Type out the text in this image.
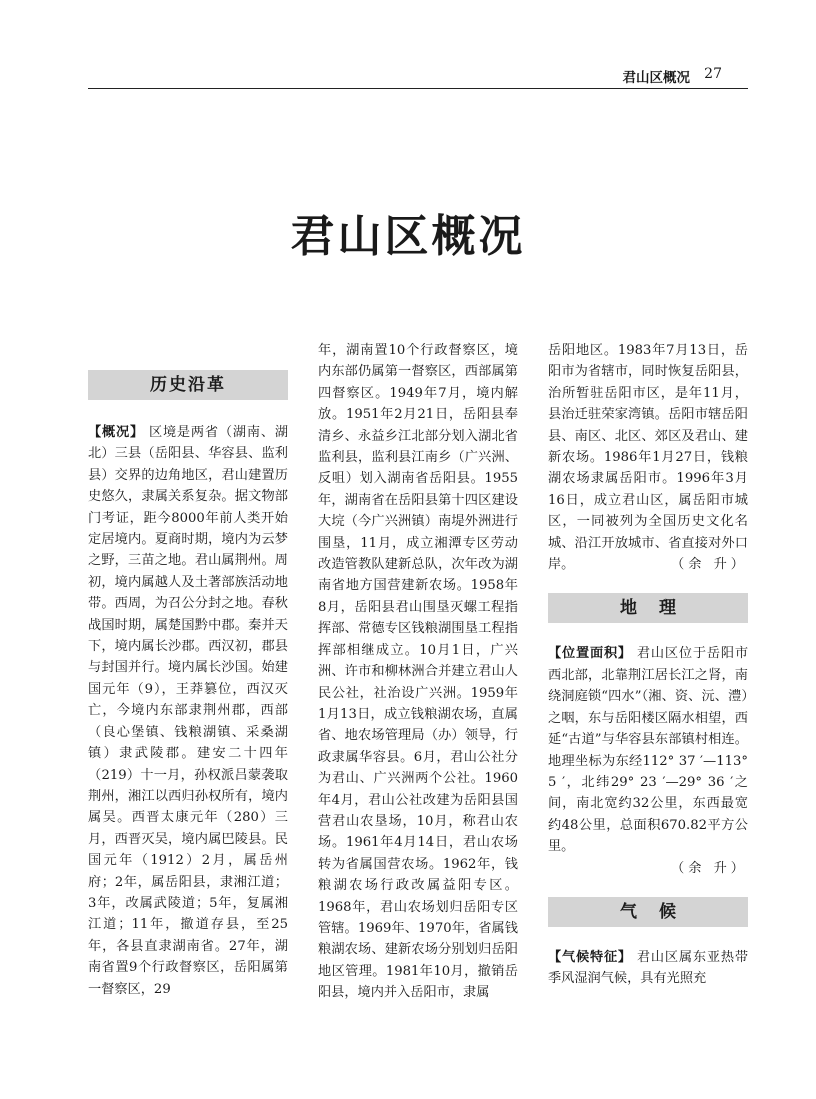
君山区概况 27
君山区概况
历史沿革

【概况】 区境是两省（湖南、湖北）三县（岳阳县、华容县、监利县）交界的边角地区，君山建置历史悠久，隶属关系复杂。据文物部门考证，距今8000年前人类开始定居境内。夏商时期，境内为云梦之野，三苗之地。君山属荆州。周初，境内属越人及土著部族活动地带。西周，为召公分封之地。春秋战国时期，属楚国黔中郡。秦并天下，境内属长沙郡。西汉初，郡县与封国并行。境内属长沙国。始建国元年（9），王莽篡位，西汉灭亡，今境内东部隶荆州郡，西部（良心堡镇、钱粮湖镇、采桑湖镇）隶武陵郡。建安二十四年（219）十一月，孙权派吕蒙袭取荆州，湘江以西归孙权所有，境内属吴。西晋太康元年（280）三月，西晋灭吴，境内属巴陵县。民国元年（1912）2月，属岳州府；2年，属岳阳县，隶湘江道；3年，改属武陵道；5年，复属湘江道；11年，撤道存县，至25年，各县直隶湖南省。27年，湖南省置9个行政督察区，岳阳属第一督察区，29

年，湖南置10个行政督察区，境内东部仍属第一督察区，西部属第四督察区。1949年7月，境内解放。1951年2月21日，岳阳县奉清乡、永益乡江北部分划入湖北省监利县，监利县江南乡（广兴洲、反咀）划入湖南省岳阳县。1955年，湖南省在岳阳县第十四区建设大垸（今广兴洲镇）南堤外洲进行围垦，11月，成立湘潭专区劳动改造管教队建新总队，次年改为湖南省地方国营建新农场。1958年8月，岳阳县君山围垦灭螺工程指挥部、常德专区钱粮湖围垦工程指挥部相继成立。10月1日，广兴洲、许市和柳林洲合并建立君山人民公社，社治设广兴洲。1959年1月13日，成立钱粮湖农场，直属省、地农场管理局（办）领导，行政隶属华容县。6月，君山公社分为君山、广兴洲两个公社。1960年4月，君山公社改建为岳阳县国营君山农垦场，10月，称君山农场。1961年4月14日，君山农场转为省属国营农场。1962年，钱粮湖农场行政改属益阳专区。1968年，君山农场划归岳阳专区管辖。1969年、1970年，省属钱粮湖农场、建新农场分别划归岳阳地区管理。1981年10月，撤销岳阳县，境内并入岳阳市，隶属

岳阳地区。1983年7月13日，岳阳市为省辖市，同时恢复岳阳县，治所暂驻岳阳市区，是年11月，县治迁驻荣家湾镇。岳阳市辖岳阳县、南区、北区、郊区及君山、建新农场。1986年1月27日，钱粮湖农场隶属岳阳市。1996年3月16日，成立君山区，属岳阳市城区，一同被列为全国历史文化名城、沿江开放城市、省直接对外口岸。	（余 升）

地理

【位置面积】 君山区位于岳阳市西北部，北靠荆江居长江之肾，南绕洞庭锁“四水”（湘、资、沅、澧）之咽，东与岳阳楼区隔水相望，西延“古道”与华容县东部镇村相连。地理坐标为东经112° 37 ′—113° 5 ′，北纬29° 23 ′—29° 36 ′之间，南北宽约32公里，东西最宽约48公里，总面积670.82平方公里。

（余 升）
气候

【气候特征】 君山区属东亚热带季风湿润气候，具有光照充
